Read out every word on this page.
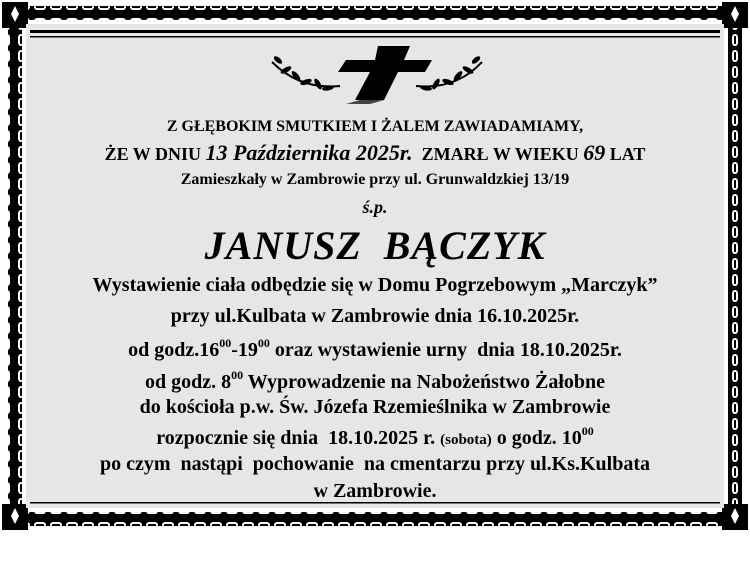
Z GŁĘBOKIM SMUTKIEM I ŻALEM ZAWIADAMIAMY,
ŻE W DNIU 13 Października 2025r. ZMARŁ W WIEKU 69 LAT
Zamieszkały w Zambrowie przy ul. Grunwaldzkiej 13/19
ś.p.
JANUSZ  BĄCZYK
Wystawienie ciała odbędzie się w Domu Pogrzebowym „Marczyk”
przy ul.Kulbata w Zambrowie dnia 16.10.2025r.
od $godz.16^{00}-19^{00}$ oraz wystawienie urny  dnia 18.10.2025r.
od godz. $8^{00}$ Wyprowadzenie na Nabożeństwo Żałobne
do kościoła p.w. Św. Józefa Rzemieślnika w Zambrowie
rozpocznie się dnia  18.10.2025 r. (sobota) o godz. $10^{00}$
po czym  nastąpi  pochowanie  na cmentarzu przy ul.Ks.Kulbata
w Zambrowie.
